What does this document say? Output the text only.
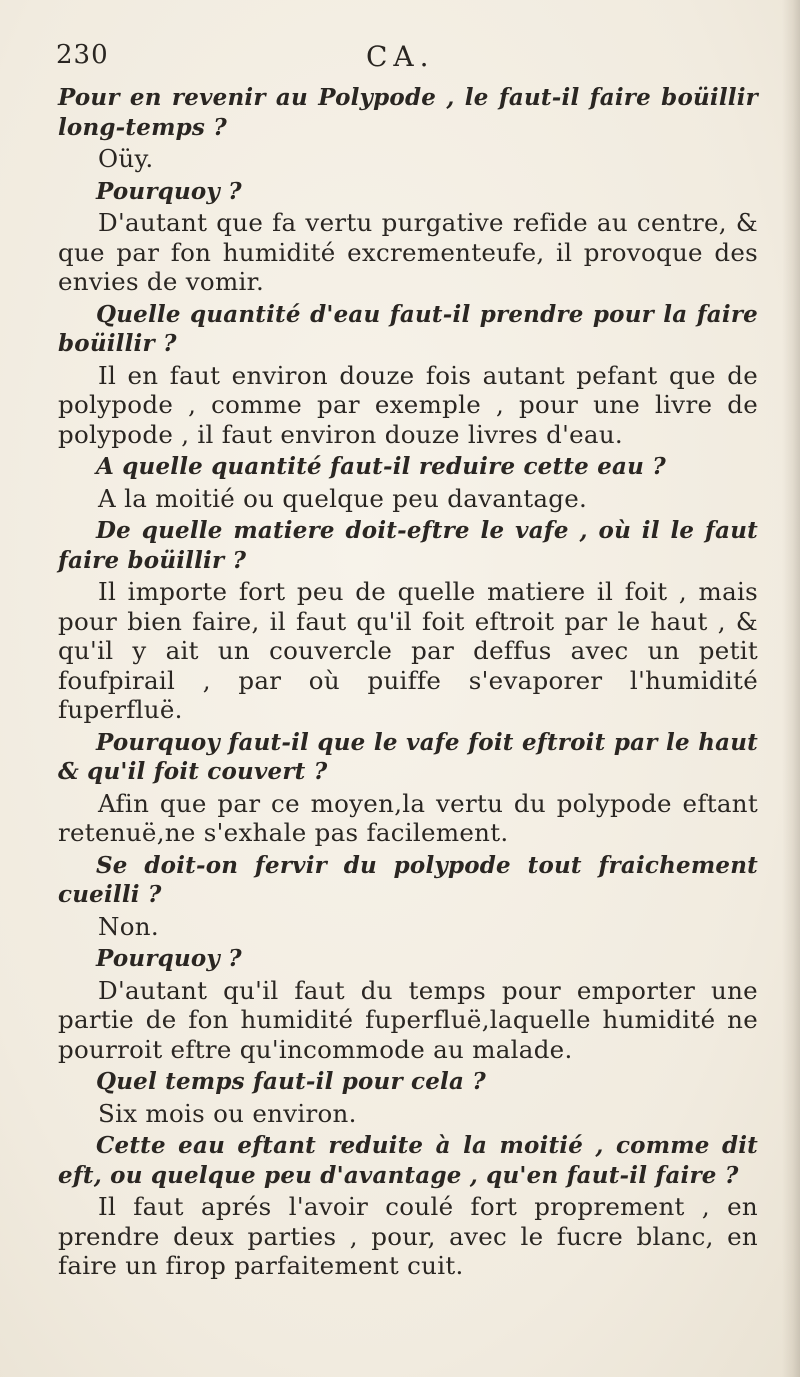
230	CA.

Pour en revenir au Polypode , le faut-il faire boüillir long-temps ?

Oüy.

Pourquoy ?

D'autant que fa vertu purgative refide au centre, & que par fon humidité excrementeufe, il provoque des envies de vomir.

Quelle quantité d'eau faut-il prendre pour la faire boüillir ?

Il en faut environ douze fois autant pefant que de polypode , comme par exemple , pour une livre de polypode , il faut environ douze livres d'eau.

A quelle quantité faut-il reduire cette eau ?

A la moitié ou quelque peu davantage.

De quelle matiere doit-eftre le vafe , où il le faut faire boüillir ?

Il importe fort peu de quelle matiere il foit , mais pour bien faire, il faut qu'il foit eftroit par le haut , & qu'il y ait un couvercle par deffus avec un petit foufpirail , par où puiffe s'evaporer l'humidité fuperfluë.

Pourquoy faut-il que le vafe foit eftroit par le haut & qu'il foit couvert ?

Afin que par ce moyen,la vertu du polypode eftant retenuë,ne s'exhale pas facilement.

Se doit-on fervir du polypode tout fraichement cueilli ?

Non.

Pourquoy ?

D'autant qu'il faut du temps pour emporter une partie de fon humidité fuperfluë,laquelle humidité ne pourroit eftre qu'incommode au malade.

Quel temps faut-il pour cela ?

Six mois ou environ.

Cette eau eftant reduite à la moitié , comme dit eft, ou quelque peu d'avantage , qu'en faut-il faire ?

Il faut aprés l'avoir coulé fort proprement , en prendre deux parties , pour, avec le fucre blanc, en faire un firop parfaitement cuit.
